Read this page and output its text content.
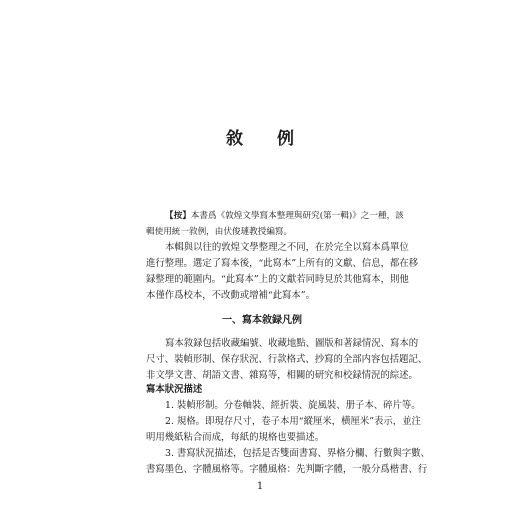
敘 例
【按】本書爲《敦煌文學寫本整理與研究(第一輯)》之一種，該
輯使用統一敘例，由伏俊璉教授編寫。
本輯與以往的敦煌文學整理之不同，在於完全以寫本爲單位
進行整理。選定了寫本後，“此寫本”上所有的文獻、信息，都在移
録整理的範圍内。“此寫本”上的文獻若同時見於其他寫本，則他
本僅作爲校本，不改動或增補“此寫本”。
一、寫本敘録凡例
寫本敘録包括收藏編號、收藏地點、圖版和著録情況、寫本的
尺寸、裝幀形制、保存狀況、行款格式、抄寫的全部内容包括題記、
非文學文書、胡語文書、雜寫等，相關的研究和校録情況的綜述。
寫本狀況描述
1. 裝幀形制。分卷軸裝、經折裝、旋風裝、册子本、碎片等。
2. 規格。即現存尺寸，卷子本用“縱厘米，横厘米”表示，並注
明用幾紙粘合而成，每紙的規格也要描述。
3. 書寫狀況描述，包括是否雙面書寫、界格分欄、行數與字數、
書寫墨色、字體風格等。字體風格：先判斷字體，一般分爲楷書、行
1
